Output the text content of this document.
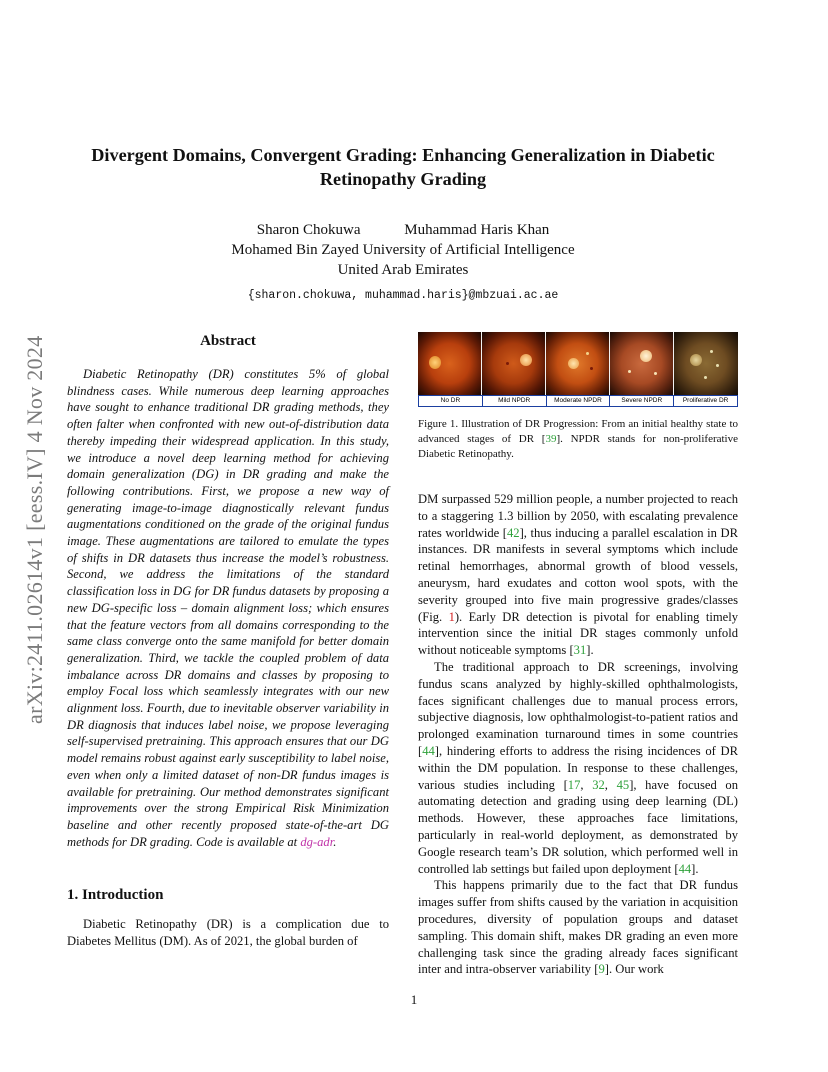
arXiv:2411.02614v1 [eess.IV] 4 Nov 2024
Divergent Domains, Convergent Grading: Enhancing Generalization in Diabetic Retinopathy Grading
Sharon Chokuwa	Muhammad Haris Khan
Mohamed Bin Zayed University of Artificial Intelligence
United Arab Emirates
{sharon.chokuwa, muhammad.haris}@mbzuai.ac.ae
Abstract

Diabetic Retinopathy (DR) constitutes 5% of global blindness cases. While numerous deep learning approaches have sought to enhance traditional DR grading methods, they often falter when confronted with new out-of-distribution data thereby impeding their widespread application. In this study, we introduce a novel deep learning method for achieving domain generalization (DG) in DR grading and make the following contributions. First, we propose a new way of generating image-to-image diagnostically relevant fundus augmentations conditioned on the grade of the original fundus image. These augmentations are tailored to emulate the types of shifts in DR datasets thus increase the model’s robustness. Second, we address the limitations of the standard classification loss in DG for DR fundus datasets by proposing a new DG-specific loss – domain alignment loss; which ensures that the feature vectors from all domains corresponding to the same class converge onto the same manifold for better domain generalization. Third, we tackle the coupled problem of data imbalance across DR domains and classes by proposing to employ Focal loss which seamlessly integrates with our new alignment loss. Fourth, due to inevitable observer variability in DR diagnosis that induces label noise, we propose leveraging self-supervised pretraining. This approach ensures that our DG model remains robust against early susceptibility to label noise, even when only a limited dataset of non-DR fundus images is available for pretraining. Our method demonstrates significant improvements over the strong Empirical Risk Minimization baseline and other recently proposed state-of-the-art DG methods for DR grading. Code is available at dg-adr.

1. Introduction

Diabetic Retinopathy (DR) is a complication due to Diabetes Mellitus (DM). As of 2021, the global burden of

No DR	Mild NPDR	Moderate NPDR	Severe NPDR	Proliferative DR

Figure 1. Illustration of DR Progression: From an initial healthy state to advanced stages of DR [39]. NPDR stands for non-proliferative Diabetic Retinopathy.

DM surpassed 529 million people, a number projected to reach to a staggering 1.3 billion by 2050, with escalating prevalence rates worldwide [42], thus inducing a parallel escalation in DR instances. DR manifests in several symptoms which include retinal hemorrhages, abnormal growth of blood vessels, aneurysm, hard exudates and cotton wool spots, with the severity grouped into five main progressive grades/classes (Fig. 1). Early DR detection is pivotal for enabling timely intervention since the initial DR stages commonly unfold without noticeable symptoms [31].

The traditional approach to DR screenings, involving fundus scans analyzed by highly-skilled ophthalmologists, faces significant challenges due to manual process errors, subjective diagnosis, low ophthalmologist-to-patient ratios and prolonged examination turnaround times in some countries [44], hindering efforts to address the rising incidences of DR within the DM population. In response to these challenges, various studies including [17, 32, 45], have focused on automating detection and grading using deep learning (DL) methods. However, these approaches face limitations, particularly in real-world deployment, as demonstrated by Google research team’s DR solution, which performed well in controlled lab settings but failed upon deployment [44].

This happens primarily due to the fact that DR fundus images suffer from shifts caused by the variation in acquisition procedures, diversity of population groups and dataset sampling. This domain shift, makes DR grading an even more challenging task since the grading already faces significant inter and intra-observer variability [9]. Our work

1
